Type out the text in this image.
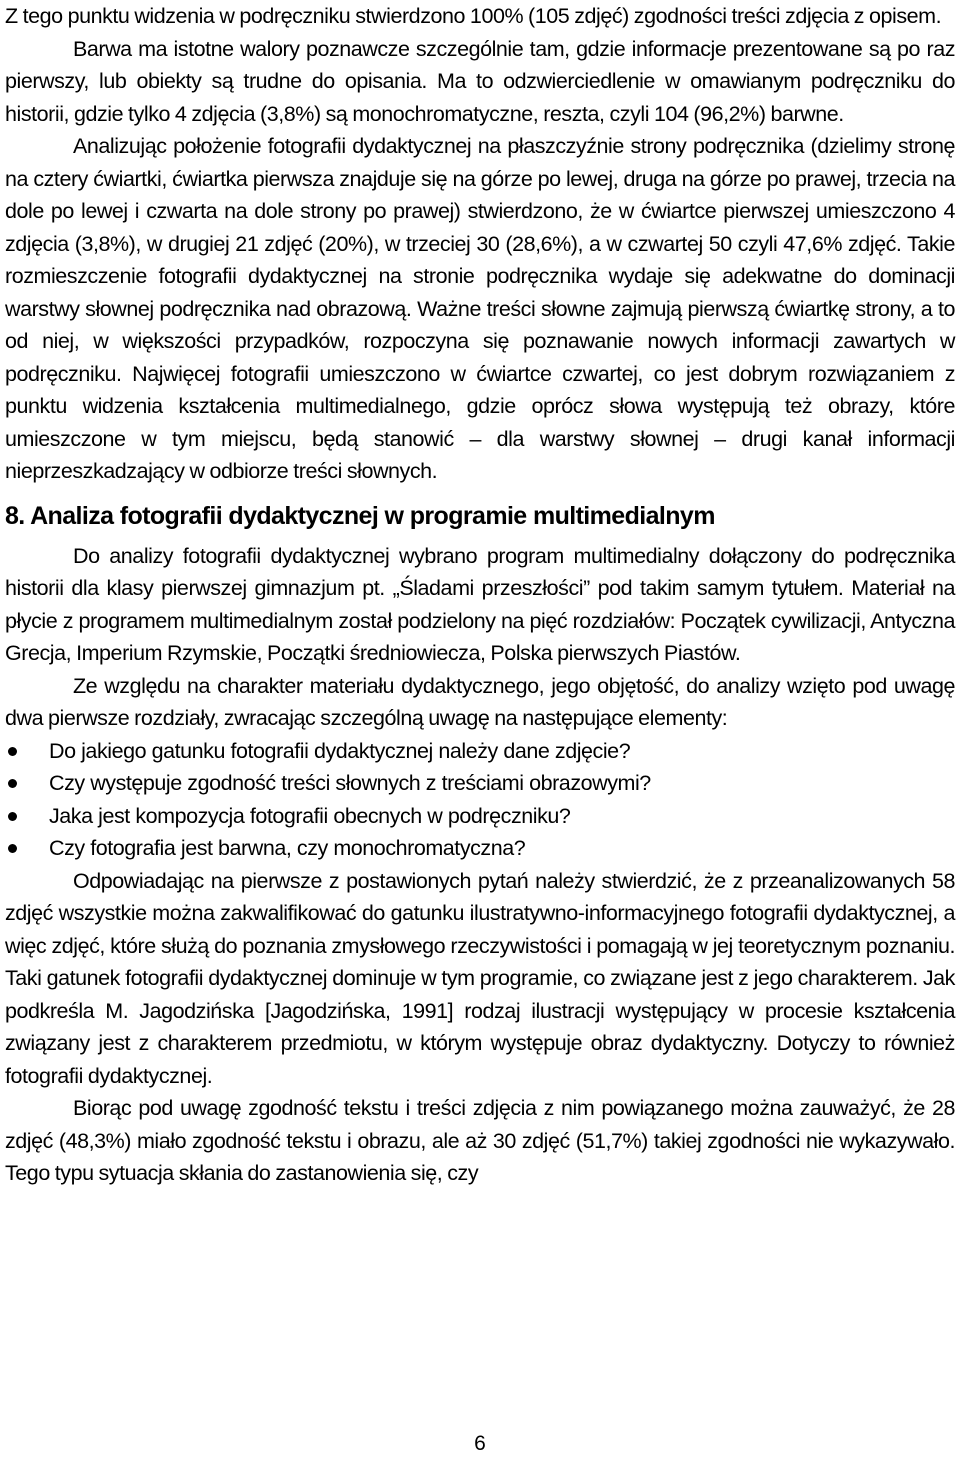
Z tego punktu widzenia w podręczniku stwierdzono 100% (105 zdjęć) zgodności treści zdjęcia z opisem.

Barwa ma istotne walory poznawcze szczególnie tam, gdzie informacje prezentowane są po raz pierwszy, lub obiekty są trudne do opisania. Ma to odzwierciedlenie w omawianym podręczniku do historii, gdzie tylko 4 zdjęcia (3,8%) są monochromatyczne, reszta, czyli 104 (96,2%) barwne.

Analizując położenie fotografii dydaktycznej na płaszczyźnie strony podręcznika (dzielimy stronę na cztery ćwiartki, ćwiartka pierwsza znajduje się na górze po lewej, druga na górze po prawej, trzecia na dole po lewej i czwarta na dole strony po prawej) stwierdzono, że w ćwiartce pierwszej umieszczono 4 zdjęcia (3,8%), w drugiej 21 zdjęć (20%), w trzeciej 30 (28,6%), a w czwartej 50 czyli 47,6% zdjęć. Takie rozmieszczenie fotografii dydaktycznej na stronie podręcznika wydaje się adekwatne do dominacji warstwy słownej podręcznika nad obrazową. Ważne treści słowne zajmują pierwszą ćwiartkę strony, a to od niej, w większości przypadków, rozpoczyna się poznawanie nowych informacji zawartych w podręczniku. Najwięcej fotografii umieszczono w ćwiartce czwartej, co jest dobrym rozwiązaniem z punktu widzenia kształcenia multimedialnego, gdzie oprócz słowa występują też obrazy, które umieszczone w tym miejscu, będą stanowić – dla warstwy słownej – drugi kanał informacji nieprzeszkadzający w odbiorze treści słownych.

8. Analiza fotografii dydaktycznej w programie multimedialnym

Do analizy fotografii dydaktycznej wybrano program multimedialny dołączony do podręcznika historii dla klasy pierwszej gimnazjum pt. „Śladami przeszłości” pod takim samym tytułem. Materiał na płycie z programem multimedialnym został podzielony na pięć rozdziałów: Początek cywilizacji, Antyczna Grecja, Imperium Rzymskie, Początki średniowiecza, Polska pierwszych Piastów.

Ze względu na charakter materiału dydaktycznego, jego objętość, do analizy wzięto pod uwagę dwa pierwsze rozdziały, zwracając szczególną uwagę na następujące elementy:

Do jakiego gatunku fotografii dydaktycznej należy dane zdjęcie?
Czy występuje zgodność treści słownych z treściami obrazowymi?
Jaka jest kompozycja fotografii obecnych w podręczniku?
Czy fotografia jest barwna, czy monochromatyczna?

Odpowiadając na pierwsze z postawionych pytań należy stwierdzić, że z przeanalizowanych 58 zdjęć wszystkie można zakwalifikować do gatunku ilustratywno-informacyjnego fotografii dydaktycznej, a więc zdjęć, które służą do poznania zmysłowego rzeczywistości i pomagają w jej teoretycznym poznaniu. Taki gatunek fotografii dydaktycznej dominuje w tym programie, co związane jest z jego charakterem. Jak podkreśla M. Jagodzińska [Jagodzińska, 1991] rodzaj ilustracji występujący w procesie kształcenia związany jest z charakterem przedmiotu, w którym występuje obraz dydaktyczny. Dotyczy to również fotografii dydaktycznej.

Biorąc pod uwagę zgodność tekstu i treści zdjęcia z nim powiązanego można zauważyć, że 28 zdjęć (48,3%) miało zgodność tekstu i obrazu, ale aż 30 zdjęć (51,7%) takiej zgodności nie wykazywało. Tego typu sytuacja skłania do zastanowienia się, czy

6
